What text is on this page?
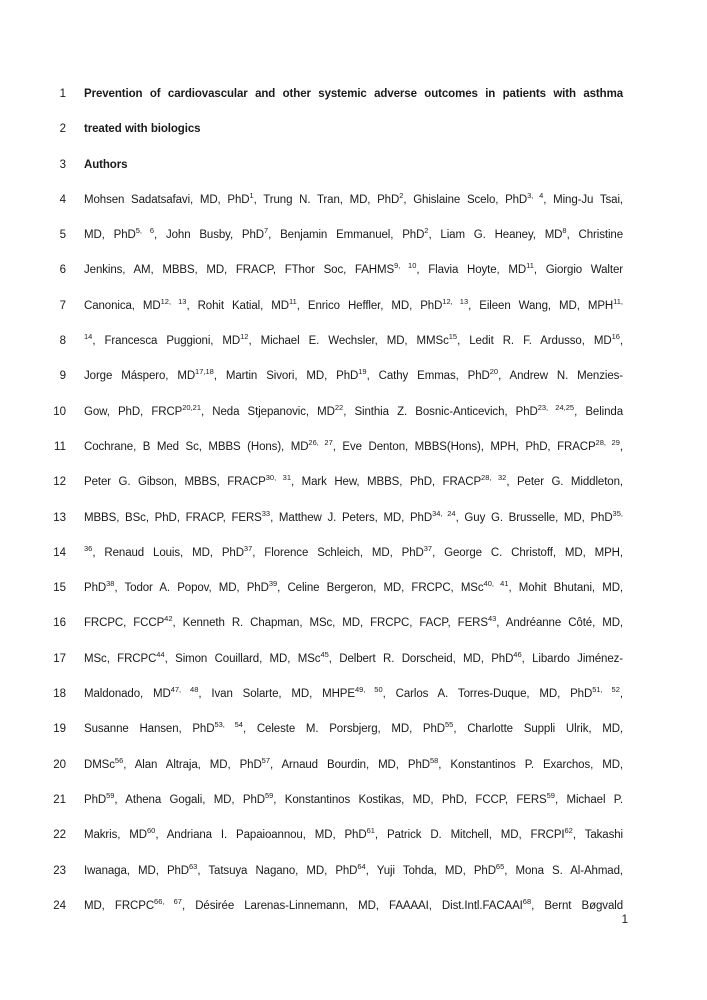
1 Prevention of cardiovascular and other systemic adverse outcomes in patients with asthma
2 treated with biologics
3 Authors
4 Mohsen Sadatsafavi, MD, PhD$^1$, Trung N. Tran, MD, PhD$^2$, Ghislaine Scelo, PhD$^{3, 4}$, Ming-Ju Tsai,
5 MD, PhD$^{5, 6}$, John Busby, PhD$^7$, Benjamin Emmanuel, PhD$^2$, Liam G. Heaney, $MD^8$, Christine
6 Jenkins, AM, MBBS, MD, FRACP, FThor Soc, FAHMS$^{9, 10}$, Flavia Hoyte, MD$^{11}$, Giorgio Walter
7 Canonica, MD$^{12, 13}$, Rohit Katial, MD$^{11}$, Enrico Heffler, MD, PhD$^{12, 13}$, Eileen Wang, MD, $MPH^{11,}$
8 $^{14}$, Francesca Puggioni, MD$^{12}$, Michael E. Wechsler, MD, MMSc$^{15}$, Ledit R. F. Ardusso, MD$^{16}$,
9 Jorge Máspero, MD$^{17,18}$, Martin Sivori, MD, PhD$^{19}$, Cathy Emmas, PhD$^{20}$, Andrew N. Menzies-
10 Gow, PhD, FRCP$^{20,21}$, Neda Stjepanovic, MD$^{22}$, Sinthia Z. Bosnic-Anticevich, PhD$^{23, 24,25}$, Belinda
11 Cochrane, B Med Sc, MBBS (Hons), MD$^{26, 27}$, Eve Denton, MBBS(Hons), MPH, PhD, FRACP$^{28, 29}$,
12 Peter G. Gibson, MBBS, FRACP$^{30, 31}$, Mark Hew, MBBS, PhD, FRACP$^{28, 32}$, Peter G. Middleton,
13 MBBS, BSc, PhD, FRACP, FERS$^{33}$, Matthew J. Peters, MD, PhD$^{34, 24}$, Guy G. Brusselle, MD, PhD$^{35,}$
14 $^{36}$, Renaud Louis, MD, PhD$^{37}$, Florence Schleich, MD, PhD$^{37}$, George C. Christoff, MD, MPH,
15 PhD$^{38}$, Todor A. Popov, MD, PhD$^{39}$, Celine Bergeron, MD, FRCPC, MSc$^{40, 41}$, Mohit Bhutani, MD,
16 FRCPC, FCCP$^{42}$, Kenneth R. Chapman, MSc, MD, FRCPC, FACP, FERS$^{43}$, Andréanne Côté, MD,
17 MSc, FRCPC$^{44}$, Simon Couillard, MD, MSc$^{45}$, Delbert R. Dorscheid, MD, PhD$^{46}$, Libardo Jiménez-
18 Maldonado, MD$^{47, 48}$, Ivan Solarte, MD, MHPE$^{49, 50}$, Carlos A. Torres-Duque, MD, PhD$^{51, 52}$,
19 Susanne Hansen, PhD$^{53, 54}$, Celeste M. Porsbjerg, MD, PhD$^{55}$, Charlotte Suppli Ulrik, MD,
20 DMSc$^{56}$, Alan Altraja, MD, PhD$^{57}$, Arnaud Bourdin, MD, PhD$^{58}$, Konstantinos P. Exarchos, MD,
21 PhD$^{59}$, Athena Gogali, MD, PhD$^{59}$, Konstantinos Kostikas, MD, PhD, FCCP, FERS$^{59}$, Michael P.
22 Makris, MD$^{60}$, Andriana I. Papaioannou, MD, PhD$^{61}$, Patrick D. Mitchell, MD, FRCPI$^{62}$, Takashi
23 Iwanaga, MD, PhD$^{63}$, Tatsuya Nagano, MD, PhD$^{64}$, Yuji Tohda, MD, PhD$^{65}$, Mona S. Al-Ahmad,
24 MD, FRCPC$^{66, 67}$, Désirée Larenas-Linnemann, MD, FAAAAI, Dist.Intl.FACAAI$^{68}$, Bernt Bøgvald
1
